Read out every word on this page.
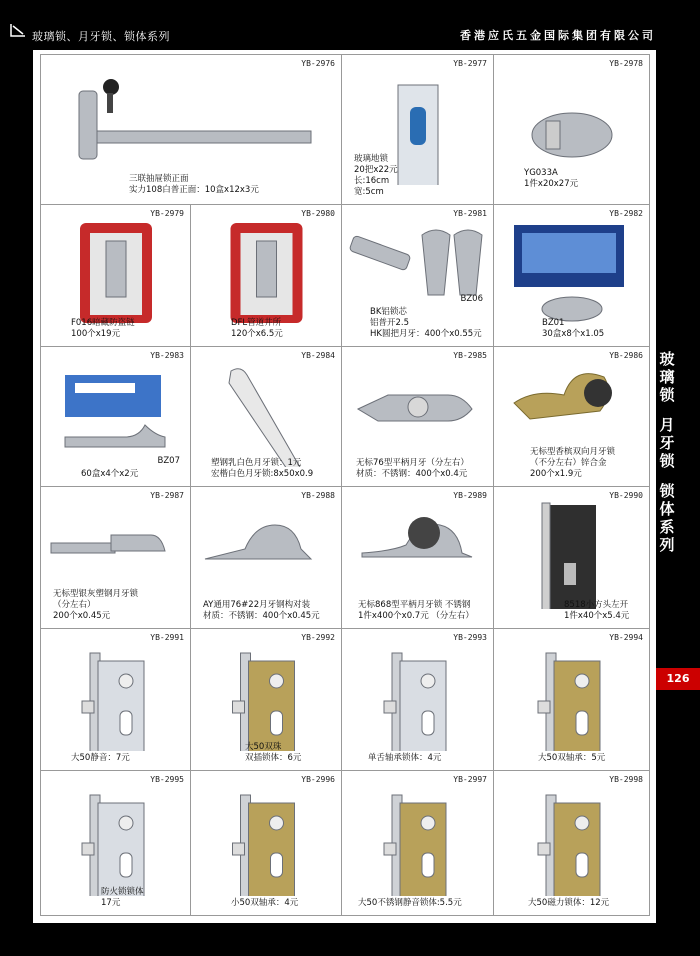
玻璃锁、月牙锁、锁体系列	香港应氏五金国际集团有限公司
YB-2976
三联抽屉锁正面
实力108白普正面：10盒x12x3元
YB-2977
玻璃地锁
20把x22元
长:16cm
宽:5cm
YB-2978
YG033A
1件x20x27元
YB-2979
F016暗藏防盗链
100个x19元
YB-2980
DFL管道井所
120个x6.5元
YB-2981
BZ06
BK铝锁芯
铝普开2.5
HK圆把月牙：400个x0.55元
YB-2982
BZ01
30盒x8个x1.05
YB-2983
BZ07
60盒x4个x2元
YB-2984
塑钢乳白色月牙锁：1元
宏楷白色月牙锁:8x50x0.9
YB-2985
无标76型平柄月牙（分左右）
材质：不锈钢：400个x0.4元
YB-2986
无标型香槟双向月牙锁
（不分左右）锌合金
200个x1.9元
YB-2987
无标型银灰塑钢月牙锁
（分左右）
200个x0.45元
YB-2988
AY通用76#22月牙钢构对装
材质：不锈钢：400个x0.45元
YB-2989
无标868型平柄月牙锁 不锈钢
1件x400个x0.7元 （分左右）
YB-2990
8518小方头左开
1件x40个x5.4元
YB-2991
大50静音：7元
YB-2992
大50双珠
双插锁体：6元
YB-2993
单舌轴承锁体：4元
YB-2994
大50双轴承：5元
YB-2995
防火锁锁体
17元
YB-2996
小50双轴承：4元
YB-2997
大50不锈钢静音锁体:5.5元
YB-2998
大50磁力锁体：12元
玻
璃
锁
月
牙
锁
锁
体
系
列
126
